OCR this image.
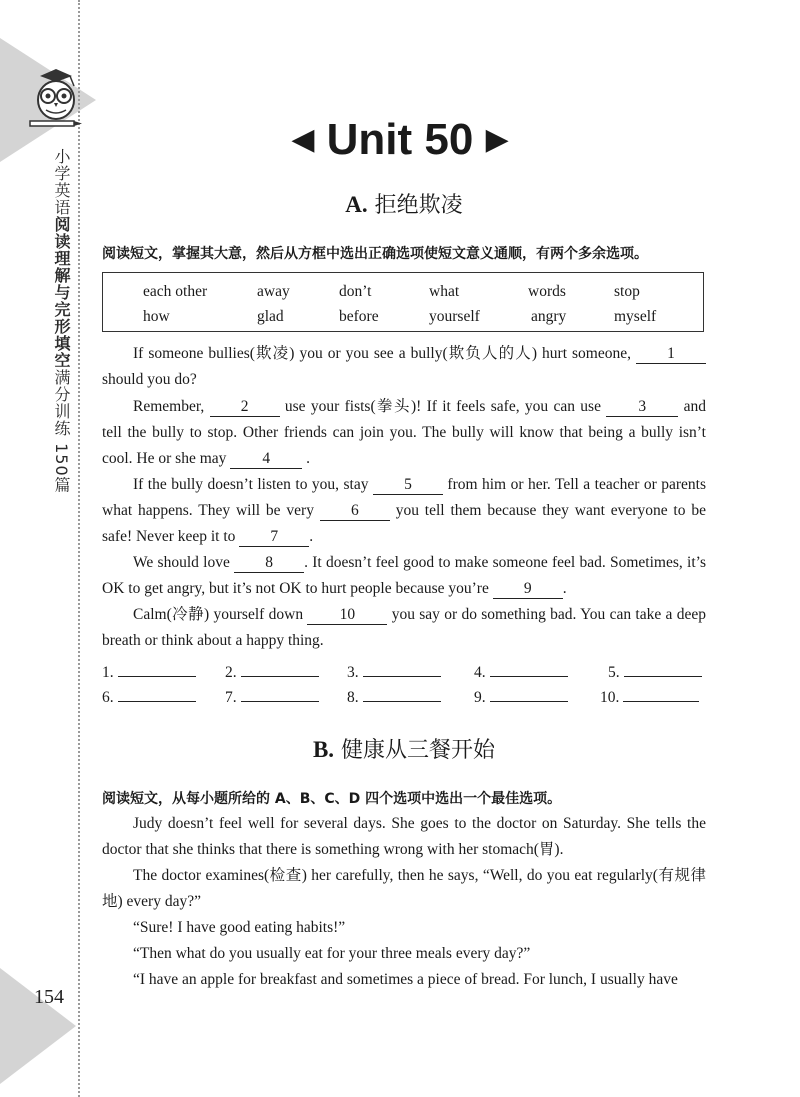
小学英语阅读理解与完形填空满分训练 150篇
154
◀ Unit 50 ▶
A. 拒绝欺凌
阅读短文，掌握其大意，然后从方框中选出正确选项使短文意义通顺，有两个多余选项。
each other	away	don’t	what	words	stop
how	glad	before	yourself	angry	myself

If someone bullies(欺凌) you or you see a bully(欺负人的人) hurt someone, 1 should you do?

Remember, 2 use your fists(拳头)! If it feels safe, you can use 3 and tell the bully to stop. Other friends can join you. The bully will know that being a bully isn’t cool. He or she may 4 .

If the bully doesn’t listen to you, stay 5 from him or her. Tell a teacher or parents what happens. They will be very 6 you tell them because they want everyone to be safe! Never keep it to 7 .

We should love 8 . It doesn’t feel good to make someone feel bad. Sometimes, it’s OK to get angry, but it’s not OK to hurt people because you’re 9 .

Calm(冷静) yourself down 10 you say or do something bad. You can take a deep breath or think about a happy thing.

1.	2.	3.	4.	5.
6.	7.	8.	9.	10.
B. 健康从三餐开始
阅读短文，从每小题所给的 A、B、C、D 四个选项中选出一个最佳选项。

Judy doesn’t feel well for several days. She goes to the doctor on Saturday. She tells the doctor that she thinks that there is something wrong with her stomach(胃).

The doctor examines(检查) her carefully, then he says, “Well, do you eat regularly(有规律地) every day?”

“Sure! I have good eating habits!”

“Then what do you usually eat for your three meals every day?”

“I have an apple for breakfast and sometimes a piece of bread. For lunch, I usually have
